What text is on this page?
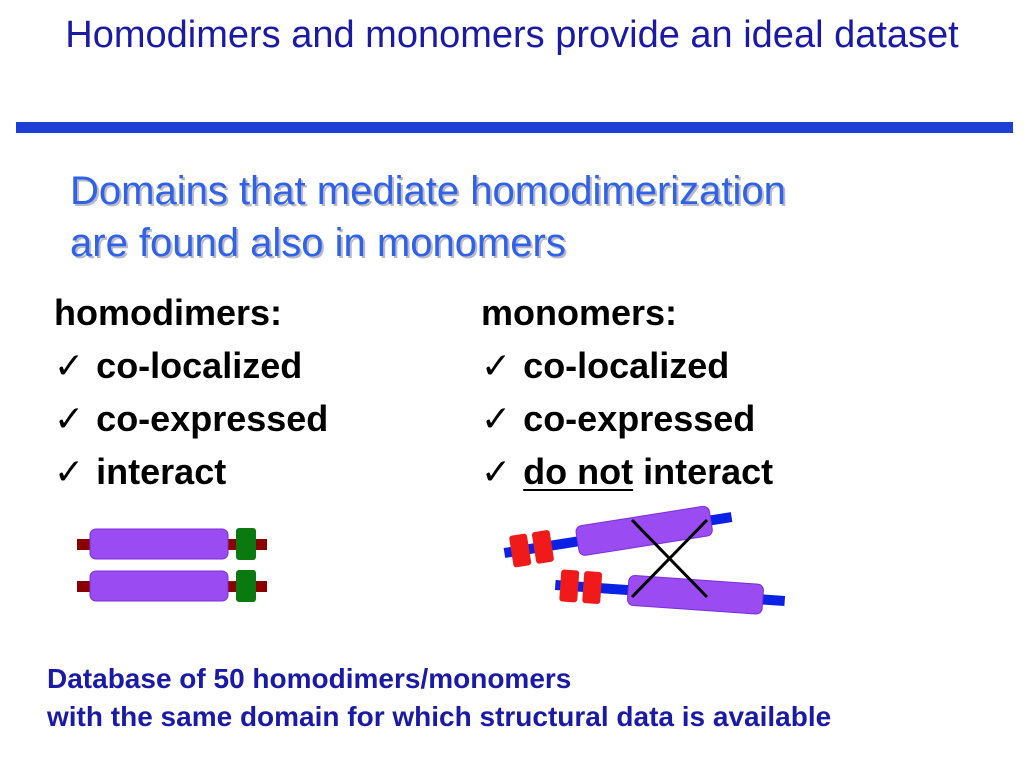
Homodimers and monomers provide an ideal dataset
Domains that mediate homodimerization
are found also in monomers
homodimers:
✓ co-localized
✓ co-expressed
✓ interact
monomers:
✓ co-localized
✓ co-expressed
✓ do not interact
Database of 50 homodimers/monomers
with the same domain for which structural data is available
